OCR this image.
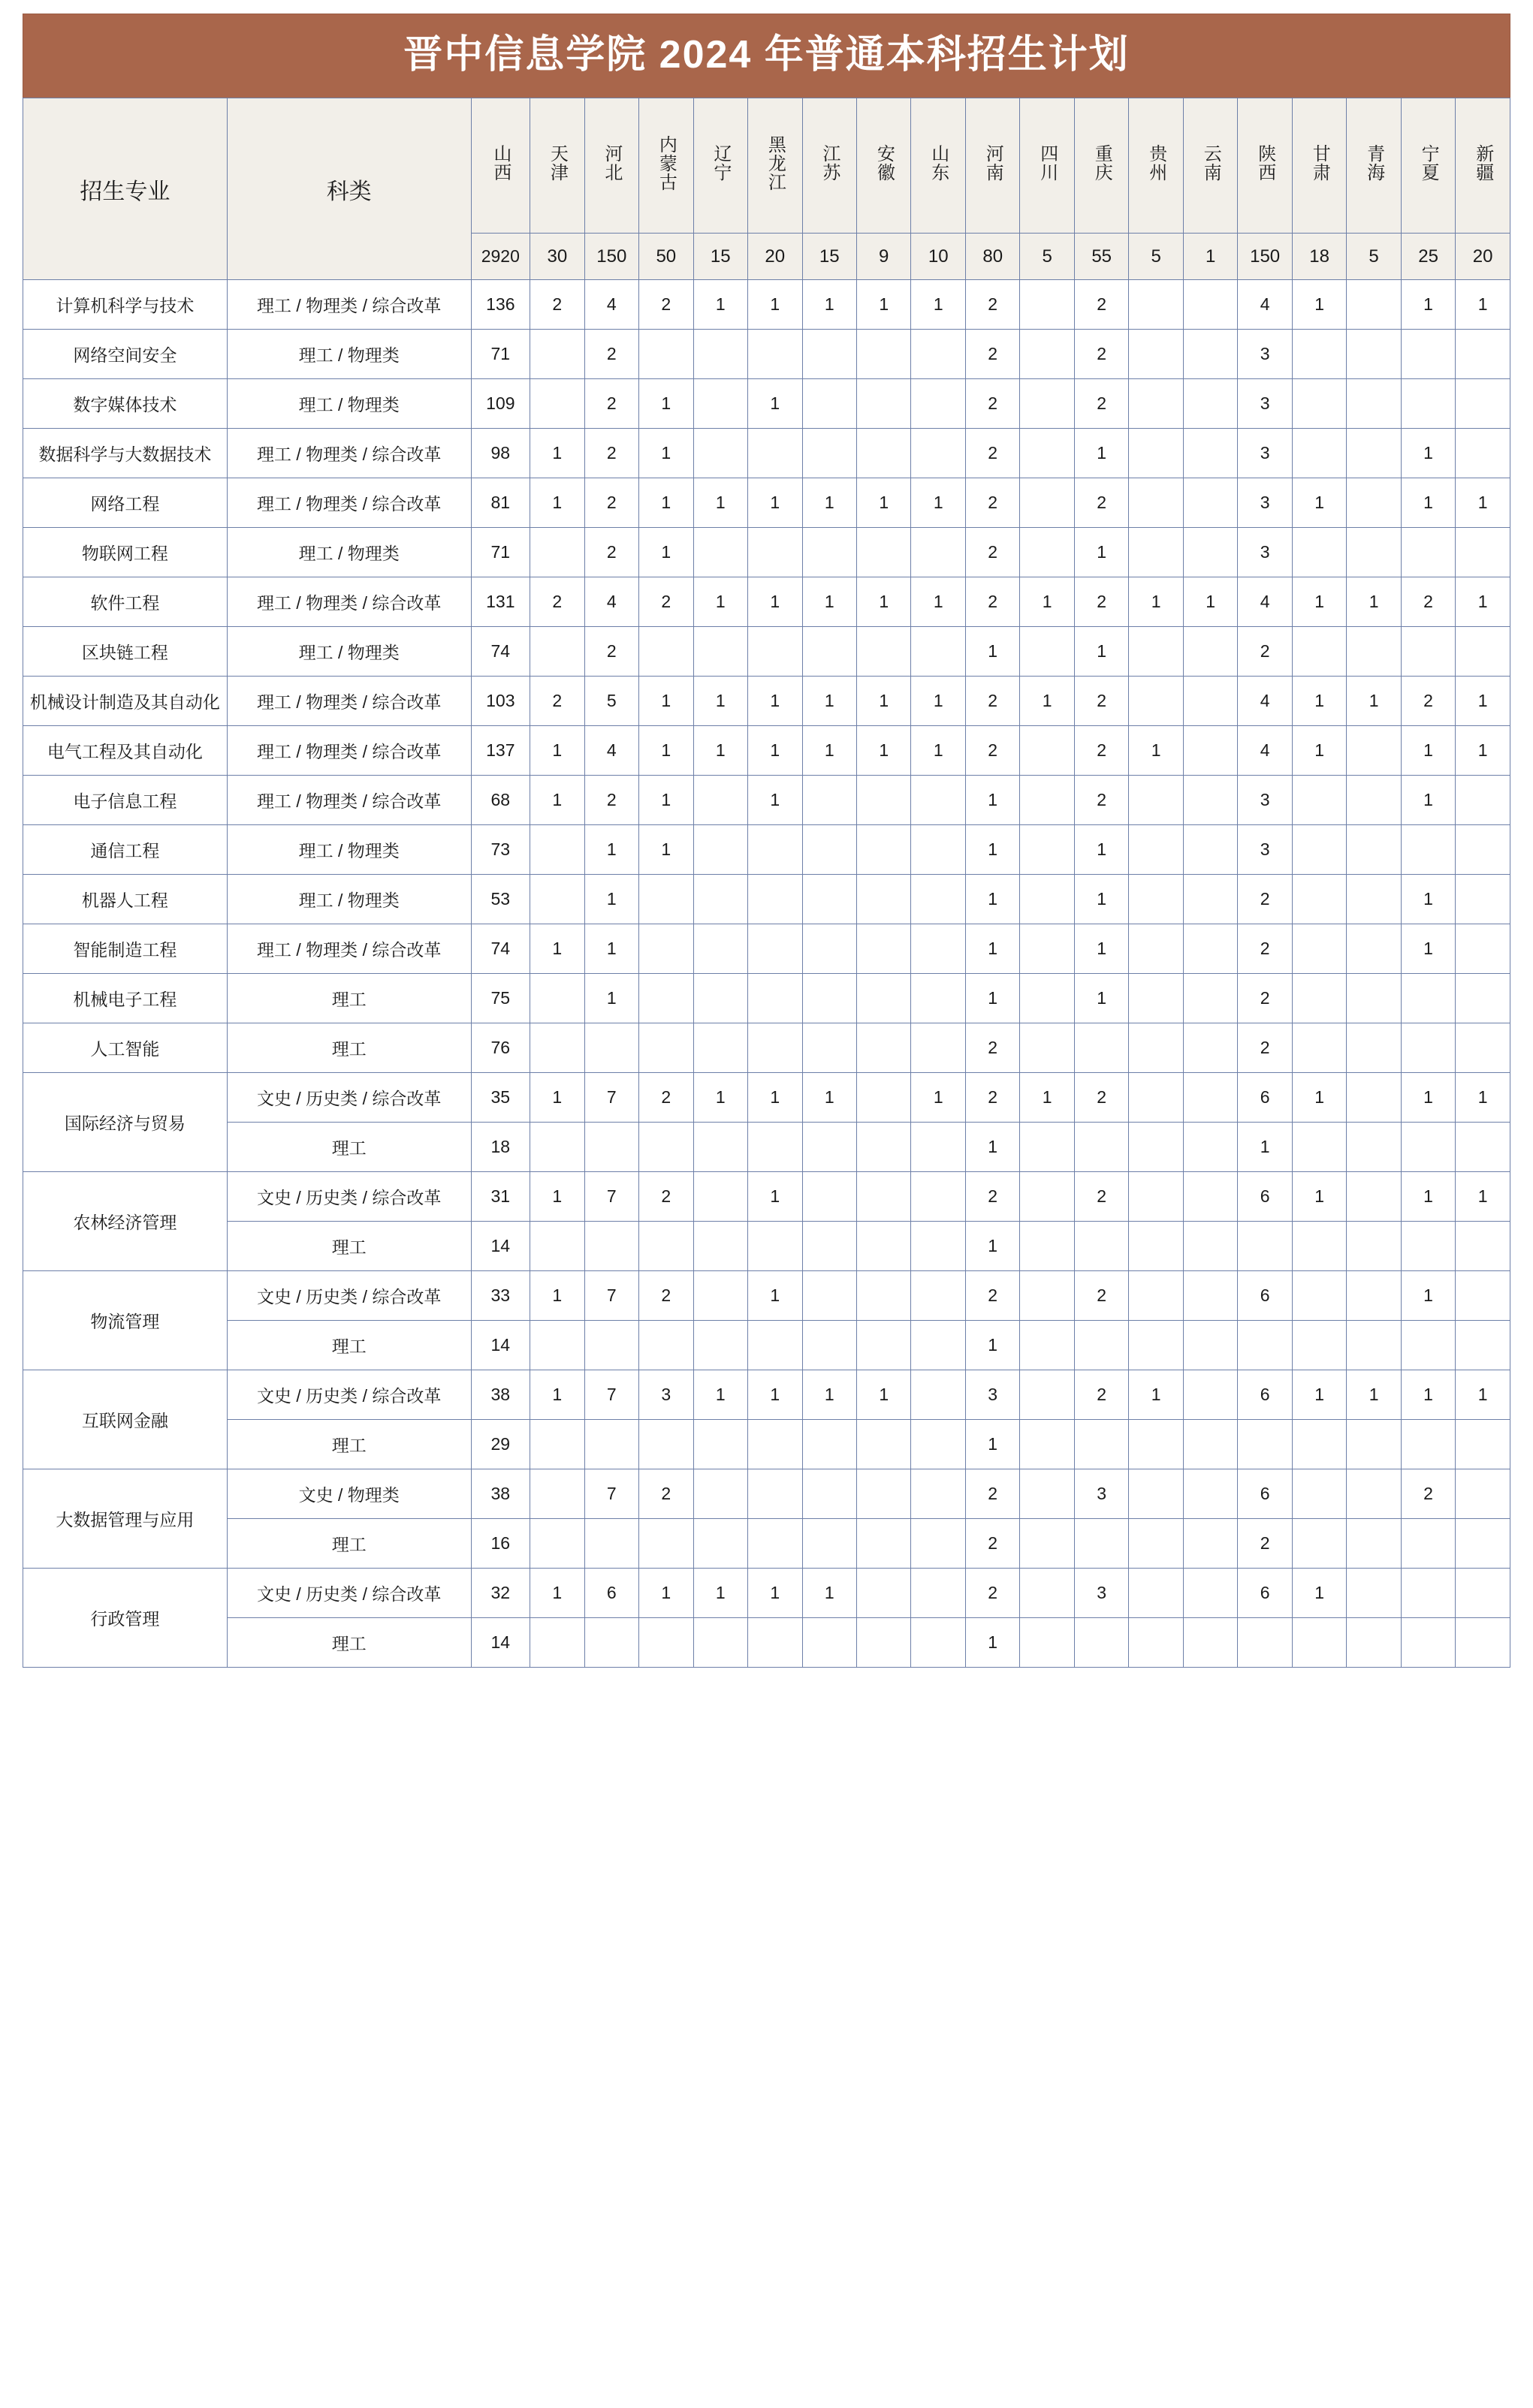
晋中信息学院 2024 年普通本科招生计划
招生专业	科类	山西	天津	河北	内蒙古	辽宁	黑龙江	江苏	安徽	山东	河南	四川	重庆	贵州	云南	陕西	甘肃	青海	宁夏	新疆
		2920	30	150	50	15	20	15	9	10	80	5	55	5	1	150	18	5	25	20
计算机科学与技术	理工 / 物理类 / 综合改革	136	2	4	2	1	1	1	1	1	2		2			4	1		1	1
网络空间安全	理工 / 物理类	71		2							2		2			3				
数字媒体技术	理工 / 物理类	109		2	1		1				2		2			3				
数据科学与大数据技术	理工 / 物理类 / 综合改革	98	1	2	1						2		1			3			1	
网络工程	理工 / 物理类 / 综合改革	81	1	2	1	1	1	1	1	1	2		2			3	1		1	1
物联网工程	理工 / 物理类	71		2	1						2		1			3				
软件工程	理工 / 物理类 / 综合改革	131	2	4	2	1	1	1	1	1	2	1	2	1	1	4	1	1	2	1
区块链工程	理工 / 物理类	74		2							1		1			2				
机械设计制造及其自动化	理工 / 物理类 / 综合改革	103	2	5	1	1	1	1	1	1	2	1	2			4	1	1	2	1
电气工程及其自动化	理工 / 物理类 / 综合改革	137	1	4	1	1	1	1	1	1	2		2	1		4	1		1	1
电子信息工程	理工 / 物理类 / 综合改革	68	1	2	1		1				1		2			3			1	
通信工程	理工 / 物理类	73		1	1						1		1			3				
机器人工程	理工 / 物理类	53		1							1		1			2			1	
智能制造工程	理工 / 物理类 / 综合改革	74	1	1							1		1			2			1	
机械电子工程	理工	75		1							1		1			2				
人工智能	理工	76									2					2				
国际经济与贸易	文史 / 历史类 / 综合改革	35	1	7	2	1	1	1		1	2	1	2			6	1		1	1
	理工	18									1					1				
农林经济管理	文史 / 历史类 / 综合改革	31	1	7	2		1				2		2			6	1		1	1
	理工	14									1									
物流管理	文史 / 历史类 / 综合改革	33	1	7	2		1				2		2			6			1	
	理工	14									1									
互联网金融	文史 / 历史类 / 综合改革	38	1	7	3	1	1	1	1		3		2	1		6	1	1	1	1
	理工	29									1									
大数据管理与应用	文史 / 物理类	38		7	2						2		3			6			2	
	理工	16									2					2				
行政管理	文史 / 历史类 / 综合改革	32	1	6	1	1	1	1			2		3			6	1			
	理工	14									1									
